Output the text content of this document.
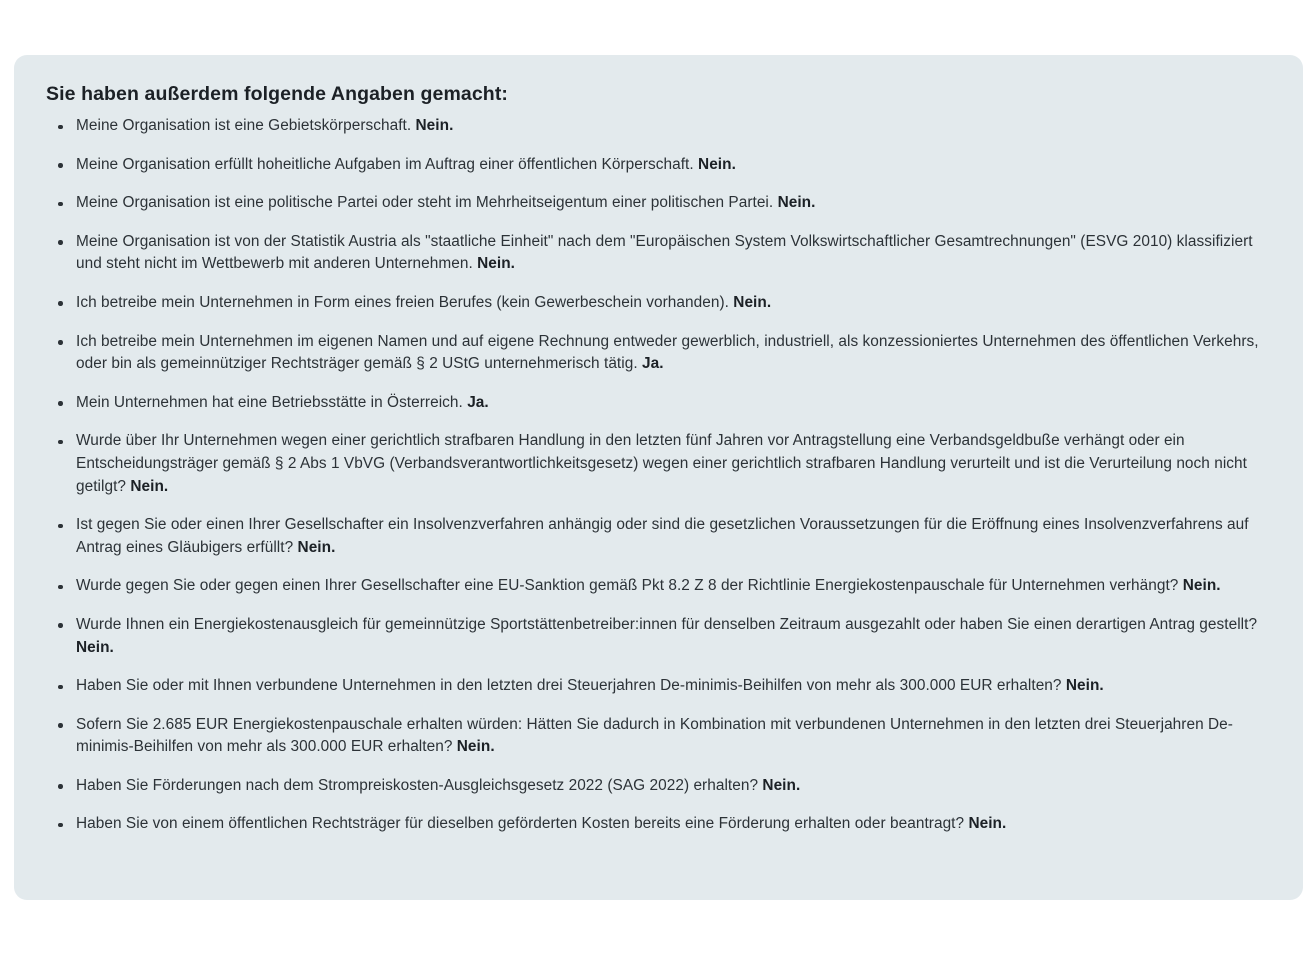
Sie haben außerdem folgende Angaben gemacht:
Meine Organisation ist eine Gebietskörperschaft. Nein.
Meine Organisation erfüllt hoheitliche Aufgaben im Auftrag einer öffentlichen Körperschaft. Nein.
Meine Organisation ist eine politische Partei oder steht im Mehrheitseigentum einer politischen Partei. Nein.
Meine Organisation ist von der Statistik Austria als "staatliche Einheit" nach dem "Europäischen System Volkswirtschaftlicher Gesamtrechnungen" (ESVG 2010) klassifiziert und steht nicht im Wettbewerb mit anderen Unternehmen. Nein.
Ich betreibe mein Unternehmen in Form eines freien Berufes (kein Gewerbeschein vorhanden). Nein.
Ich betreibe mein Unternehmen im eigenen Namen und auf eigene Rechnung entweder gewerblich, industriell, als konzessioniertes Unternehmen des öffentlichen Verkehrs, oder bin als gemeinnütziger Rechtsträger gemäß § 2 UStG unternehmerisch tätig. Ja.
Mein Unternehmen hat eine Betriebsstätte in Österreich. Ja.
Wurde über Ihr Unternehmen wegen einer gerichtlich strafbaren Handlung in den letzten fünf Jahren vor Antragstellung eine Verbandsgeldbuße verhängt oder ein Entscheidungsträger gemäß § 2 Abs 1 VbVG (Verbandsverantwortlichkeitsgesetz) wegen einer gerichtlich strafbaren Handlung verurteilt und ist die Verurteilung noch nicht getilgt? Nein.
Ist gegen Sie oder einen Ihrer Gesellschafter ein Insolvenzverfahren anhängig oder sind die gesetzlichen Voraussetzungen für die Eröffnung eines Insolvenzverfahrens auf Antrag eines Gläubigers erfüllt? Nein.
Wurde gegen Sie oder gegen einen Ihrer Gesellschafter eine EU-Sanktion gemäß Pkt 8.2 Z 8 der Richtlinie Energiekostenpauschale für Unternehmen verhängt? Nein.
Wurde Ihnen ein Energiekostenausgleich für gemeinnützige Sportstättenbetreiber:innen für denselben Zeitraum ausgezahlt oder haben Sie einen derartigen Antrag gestellt? Nein.
Haben Sie oder mit Ihnen verbundene Unternehmen in den letzten drei Steuerjahren De-minimis-Beihilfen von mehr als 300.000 EUR erhalten? Nein.
Sofern Sie 2.685 EUR Energiekostenpauschale erhalten würden: Hätten Sie dadurch in Kombination mit verbundenen Unternehmen in den letzten drei Steuerjahren De-minimis-Beihilfen von mehr als 300.000 EUR erhalten? Nein.
Haben Sie Förderungen nach dem Strompreiskosten-Ausgleichsgesetz 2022 (SAG 2022) erhalten? Nein.
Haben Sie von einem öffentlichen Rechtsträger für dieselben geförderten Kosten bereits eine Förderung erhalten oder beantragt? Nein.
